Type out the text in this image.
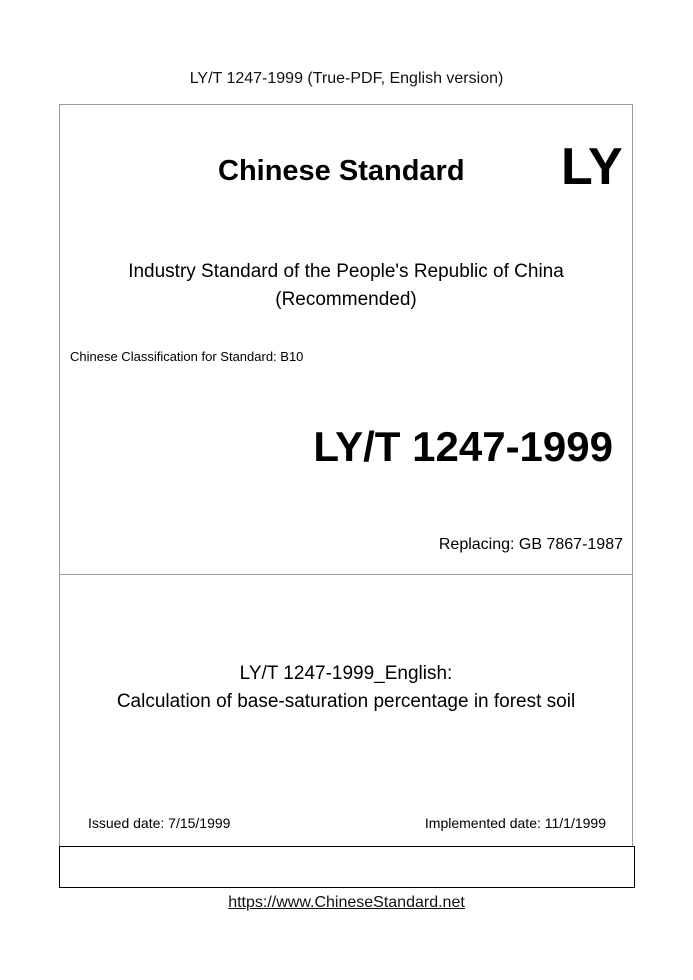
LY/T 1247-1999 (True-PDF, English version)
Chinese Standard LY
Industry Standard of the People's Republic of China
(Recommended)
Chinese Classification for Standard: B10
LY/T 1247-1999
Replacing: GB 7867-1987
LY/T 1247-1999_English:
Calculation of base-saturation percentage in forest soil
Issued date: 7/15/1999	Implemented date: 11/1/1999
https://www.ChineseStandard.net
